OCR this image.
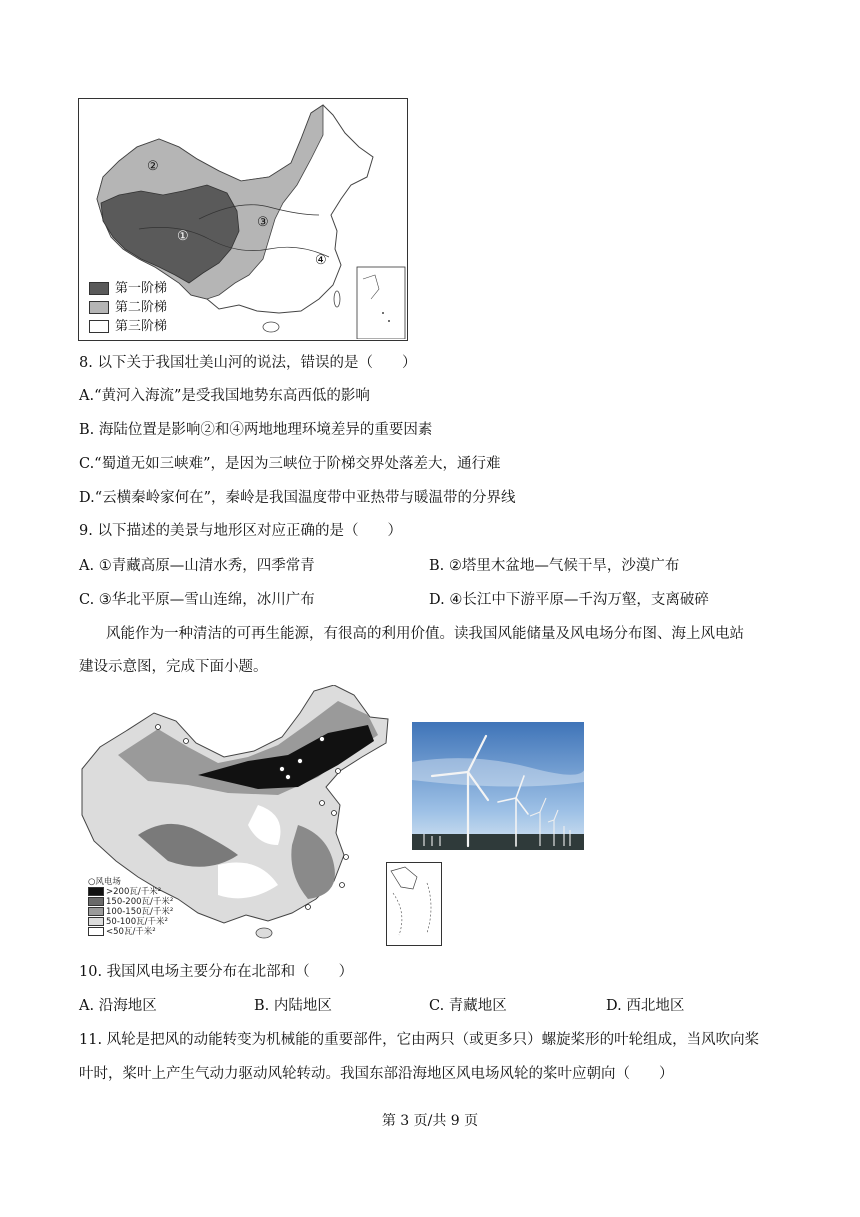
②
①
③
④
第一阶梯
第二阶梯
第三阶梯
8. 以下关于我国壮美山河的说法，错误的是（　　）
A.“黄河入海流”是受我国地势东高西低的影响
B. 海陆位置是影响②和④两地地理环境差异的重要因素
C.“蜀道无如三峡难”，是因为三峡位于阶梯交界处落差大，通行难
D.“云横秦岭家何在”，秦岭是我国温度带中亚热带与暖温带的分界线
9. 以下描述的美景与地形区对应正确的是（　　）
A. ①青藏高原—山清水秀，四季常青	B. ②塔里木盆地—气候干旱，沙漠广布
C. ③华北平原—雪山连绵，冰川广布	D. ④长江中下游平原—千沟万壑，支离破碎
风能作为一种清洁的可再生能源，有很高的利用价值。读我国风能储量及风电场分布图、海上风电站
建设示意图，完成下面小题。
○风电场
>200瓦/千米²
150-200瓦/千米²
100-150瓦/千米²
50-100瓦/千米²
<50瓦/千米²
10. 我国风电场主要分布在北部和（　　）
A. 沿海地区	B. 内陆地区	C. 青藏地区	D. 西北地区
11. 风轮是把风的动能转变为机械能的重要部件，它由两只（或更多只）螺旋桨形的叶轮组成，当风吹向桨
叶时，桨叶上产生气动力驱动风轮转动。我国东部沿海地区风电场风轮的桨叶应朝向（　　）
第 3 页/共 9 页
